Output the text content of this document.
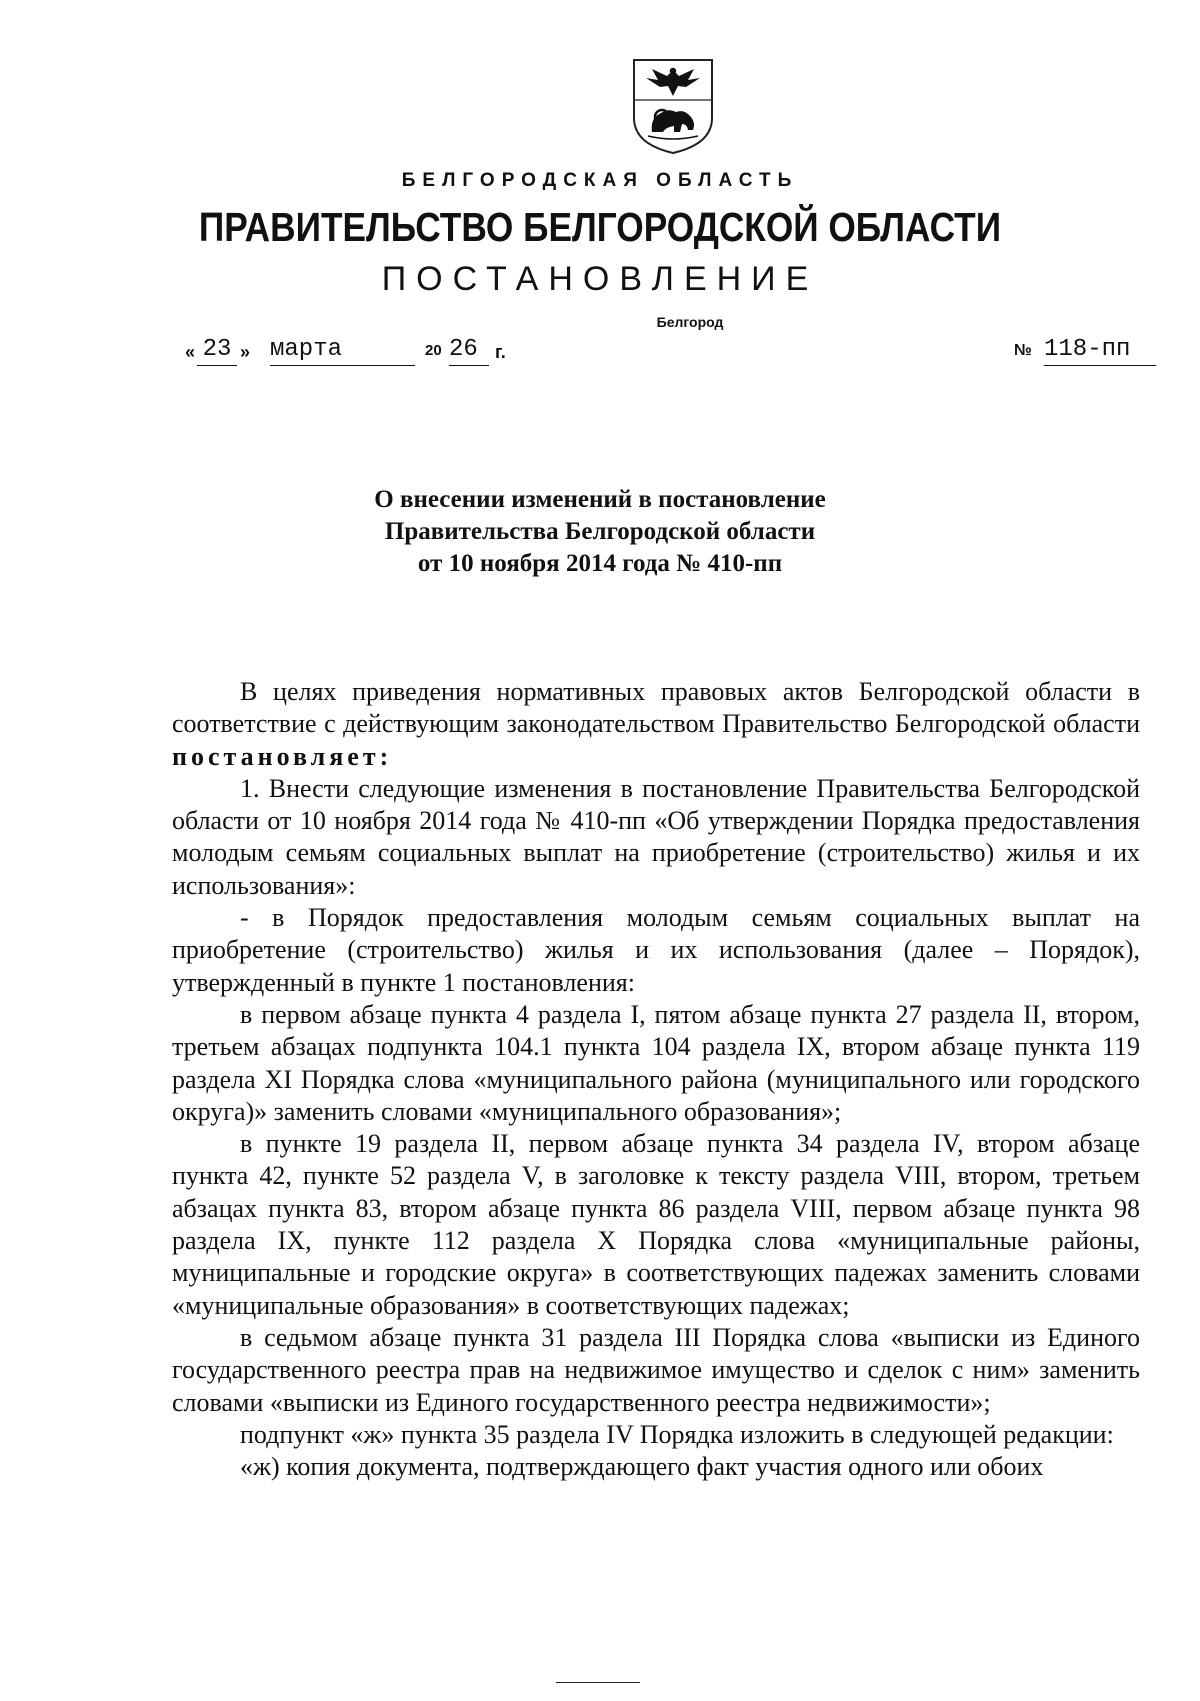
БЕЛГОРОДСКАЯ ОБЛАСТЬ
ПРАВИТЕЛЬСТВО БЕЛГОРОДСКОЙ ОБЛАСТИ
ПОСТАНОВЛЕНИЕ
Белгород
« 23 » марта	20 26 г.	№ 118-пп
О внесении изменений в постановление
Правительства Белгородской области
от 10 ноября 2014 года № 410-пп

В целях приведения нормативных правовых актов Белгородской области в соответствие с действующим законодательством Правительство Белгородской области постановляет:

1. Внести следующие изменения в постановление Правительства Белгородской области от 10 ноября 2014 года № 410-пп «Об утверждении Порядка предоставления молодым семьям социальных выплат на приобретение (строительство) жилья и их использования»:

- в Порядок предоставления молодым семьям социальных выплат на приобретение (строительство) жилья и их использования (далее – Порядок), утвержденный в пункте 1 постановления:

в первом абзаце пункта 4 раздела I, пятом абзаце пункта 27 раздела II, втором, третьем абзацах подпункта 104.1 пункта 104 раздела IX, втором абзаце пункта 119 раздела XI Порядка слова «муниципального района (муниципального или городского округа)» заменить словами «муниципального образования»;

в пункте 19 раздела II, первом абзаце пункта 34 раздела IV, втором абзаце пункта 42, пункте 52 раздела V, в заголовке к тексту раздела VIII, втором, третьем абзацах пункта 83, втором абзаце пункта 86 раздела VIII, первом абзаце пункта 98 раздела IX, пункте 112 раздела X Порядка слова «муниципальные районы, муниципальные и городские округа» в соответствующих падежах заменить словами «муниципальные образования» в соответствующих падежах;

в седьмом абзаце пункта 31 раздела III Порядка слова «выписки из Единого государственного реестра прав на недвижимое имущество и сделок с ним» заменить словами «выписки из Единого государственного реестра недвижимости»;

подпункт «ж» пункта 35 раздела IV Порядка изложить в следующей редакции:

«ж) копия документа, подтверждающего факт участия одного или обоих
